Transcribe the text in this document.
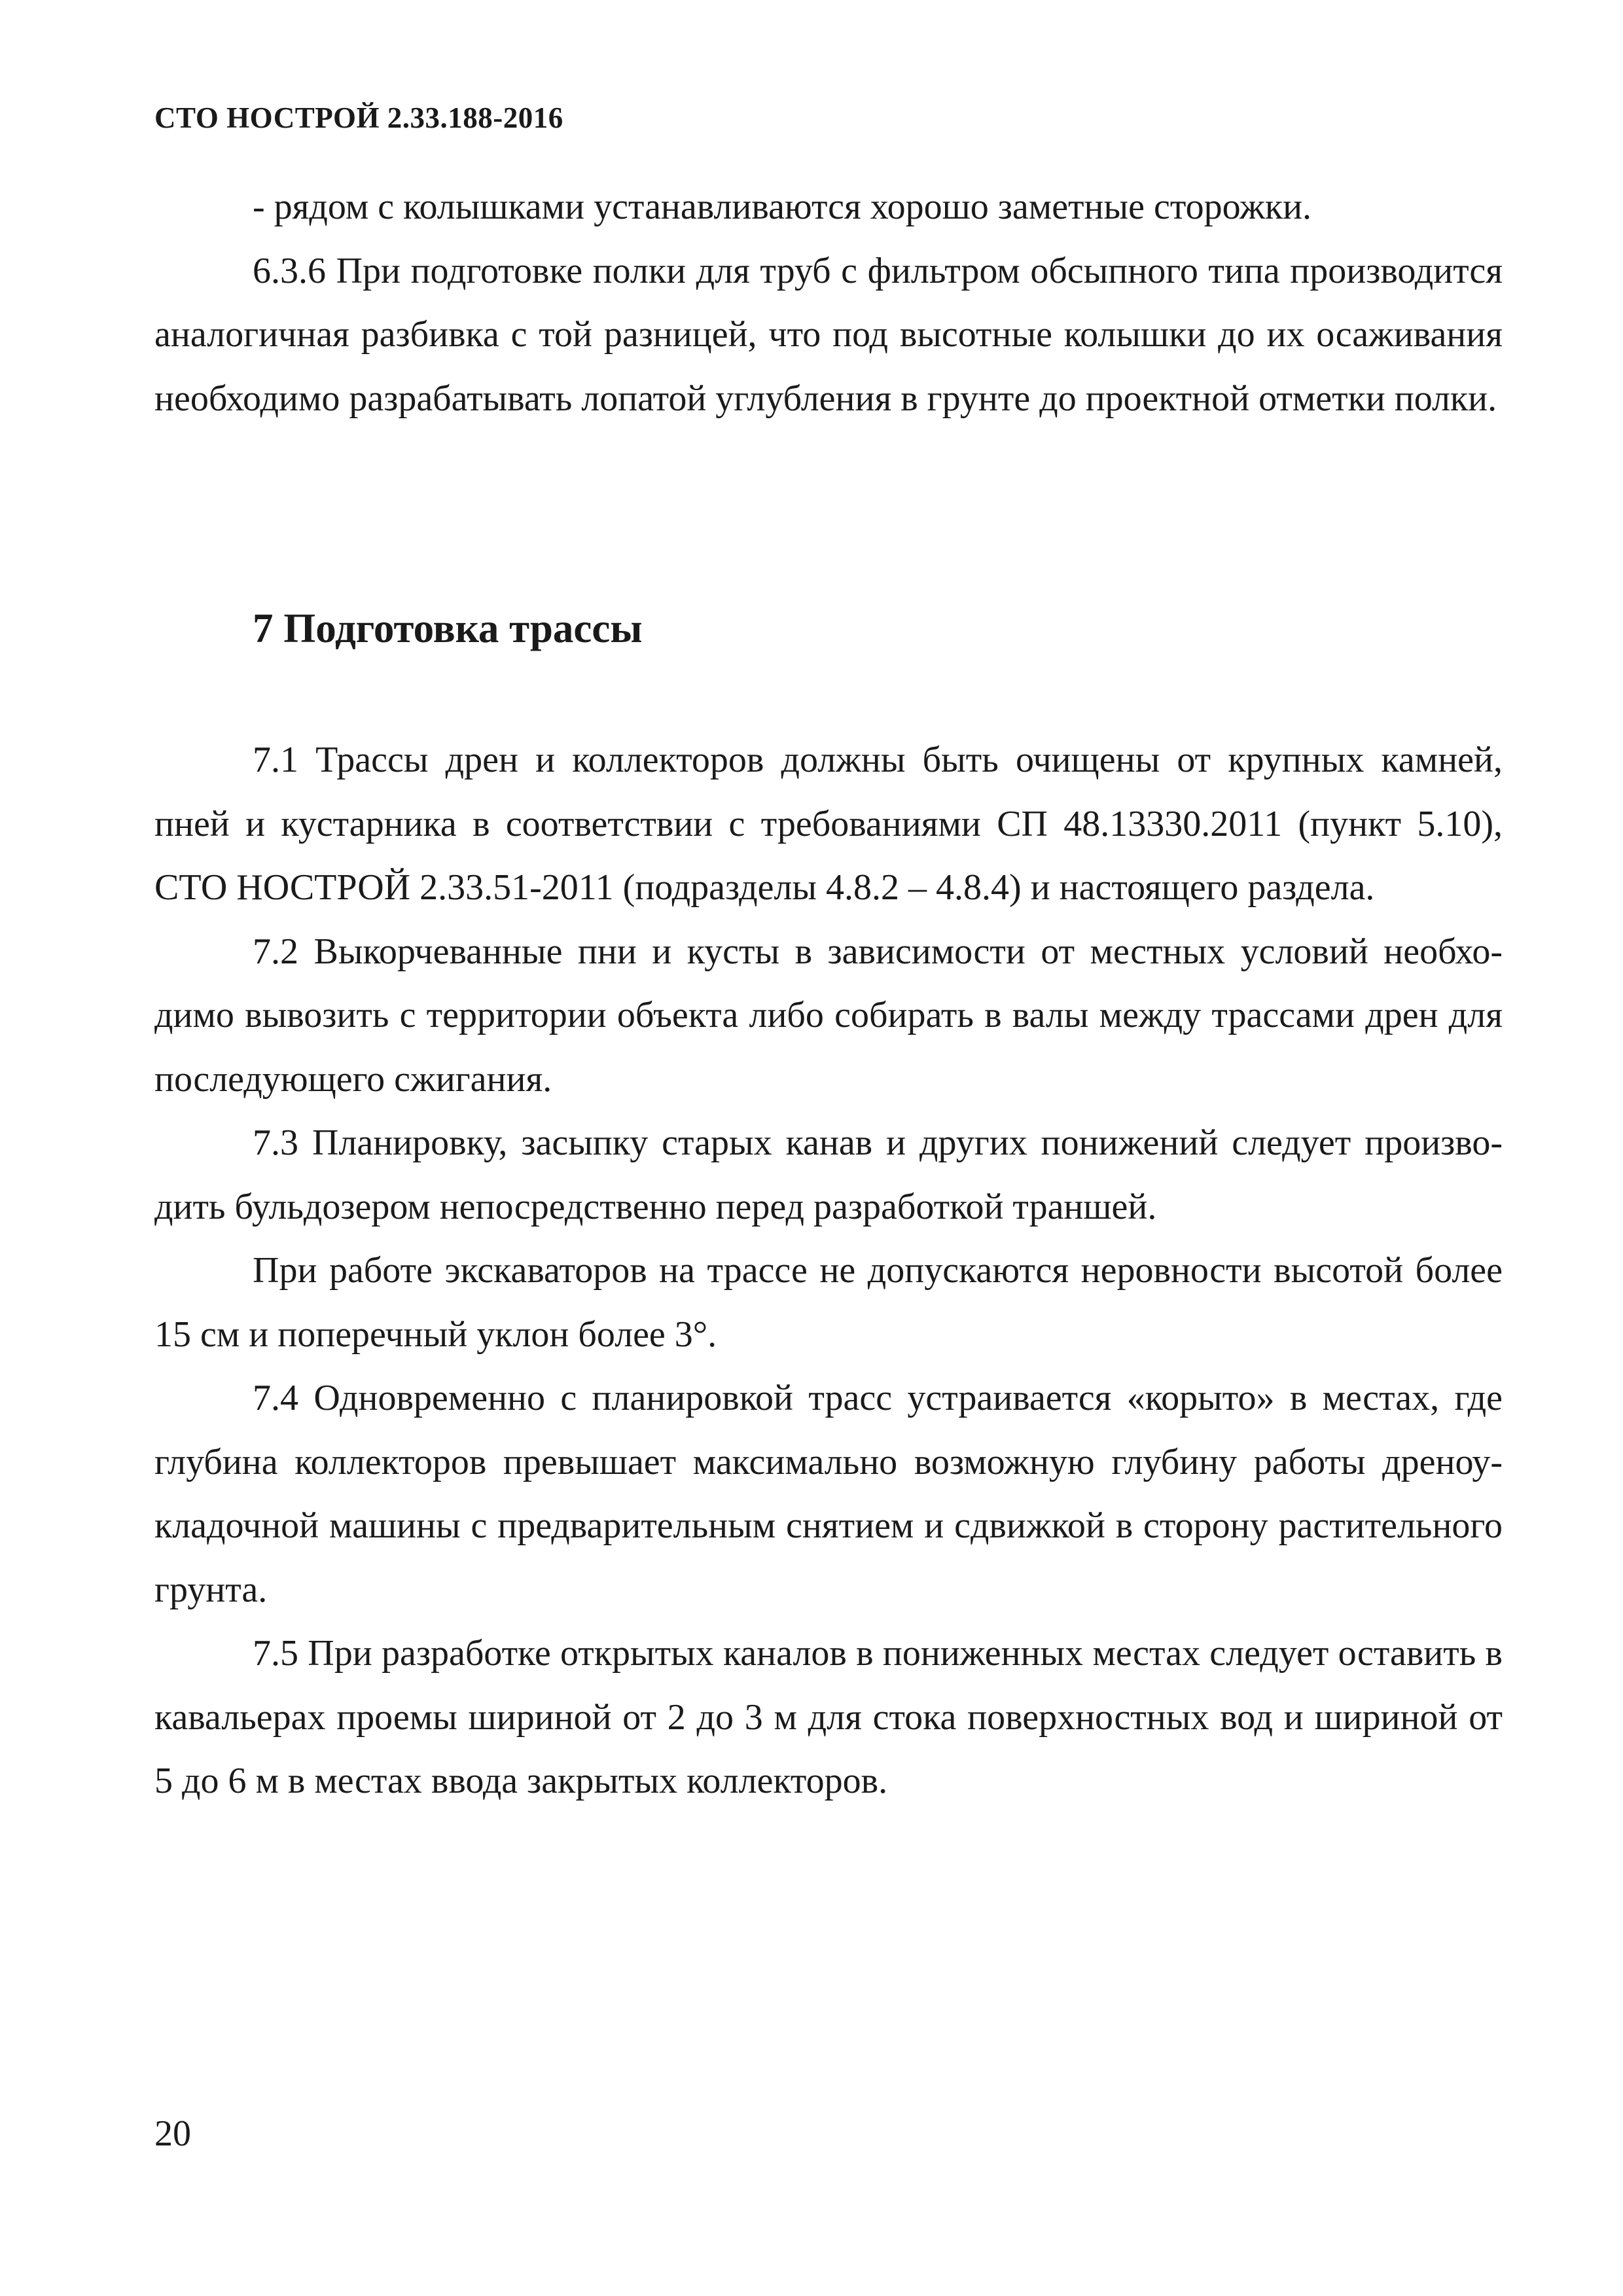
СТО НОСТРОЙ 2.33.188-2016

- рядом с колышками устанавливаются хорошо заметные сторожки.

6.3.6 При подготовке полки для труб с фильтром обсыпного типа производится аналогичная разбивка с той разницей, что под высотные колышки до их осаживания необходимо разрабатывать лопатой углубления в грунте до проектной отметки полки.

7 Подготовка трассы

7.1 Трассы дрен и коллекторов должны быть очищены от крупных камней, пней и кустарника в соответствии с требованиями СП 48.13330.2011 (пункт 5.10), СТО НОСТРОЙ 2.33.51-2011 (подразделы 4.8.2 – 4.8.4) и настоящего раздела.

7.2 Выкорчеванные пни и кусты в зависимости от местных условий необходимо вывозить с территории объекта либо собирать в валы между трассами дрен для последующего сжигания.

7.3 Планировку, засыпку старых канав и других понижений следует производить бульдозером непосредственно перед разработкой траншей.

При работе экскаваторов на трассе не допускаются неровности высотой более 15 см и поперечный уклон более 3°.

7.4 Одновременно с планировкой трасс устраивается «корыто» в местах, где глубина коллекторов превышает максимально возможную глубину работы дреноукладочной машины с предварительным снятием и сдвижкой в сторону растительного грунта.

7.5 При разработке открытых каналов в пониженных местах следует оставить в кавальерах проемы шириной от 2 до 3 м для стока поверхностных вод и шириной от 5 до 6 м в местах ввода закрытых коллекторов.

20
